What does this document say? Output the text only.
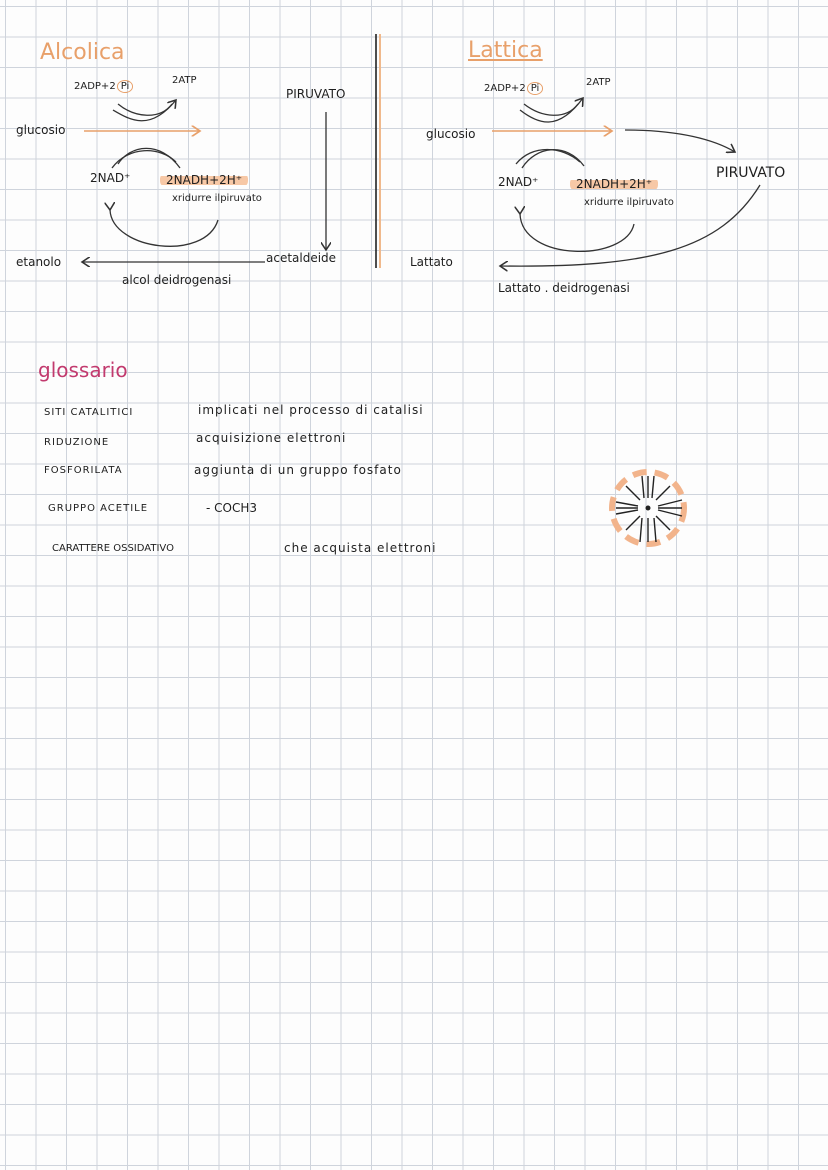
Alcolica
2ADP+2 Pi
2ATP
glucosio
2NAD⁺	2NADH+2H⁺
xridurre ilpiruvato
PIRUVATO
etanolo	acetaldeide
alcol deidrogenasi
Lattica
2ADP+2 Pi
2ATP
glucosio
2NAD⁺	2NADH+2H⁺
xridurre ilpiruvato
PIRUVATO
Lattato
Lattato . deidrogenasi
glossario
SITI CATALITICI	implicati nel processo di catalisi
RIDUZIONE	acquisizione elettroni
FOSFORILATA	aggiunta di un gruppo fosfato
GRUPPO ACETILE	- COCH3
CARATTERE OSSIDATIVO	che acquista elettroni
